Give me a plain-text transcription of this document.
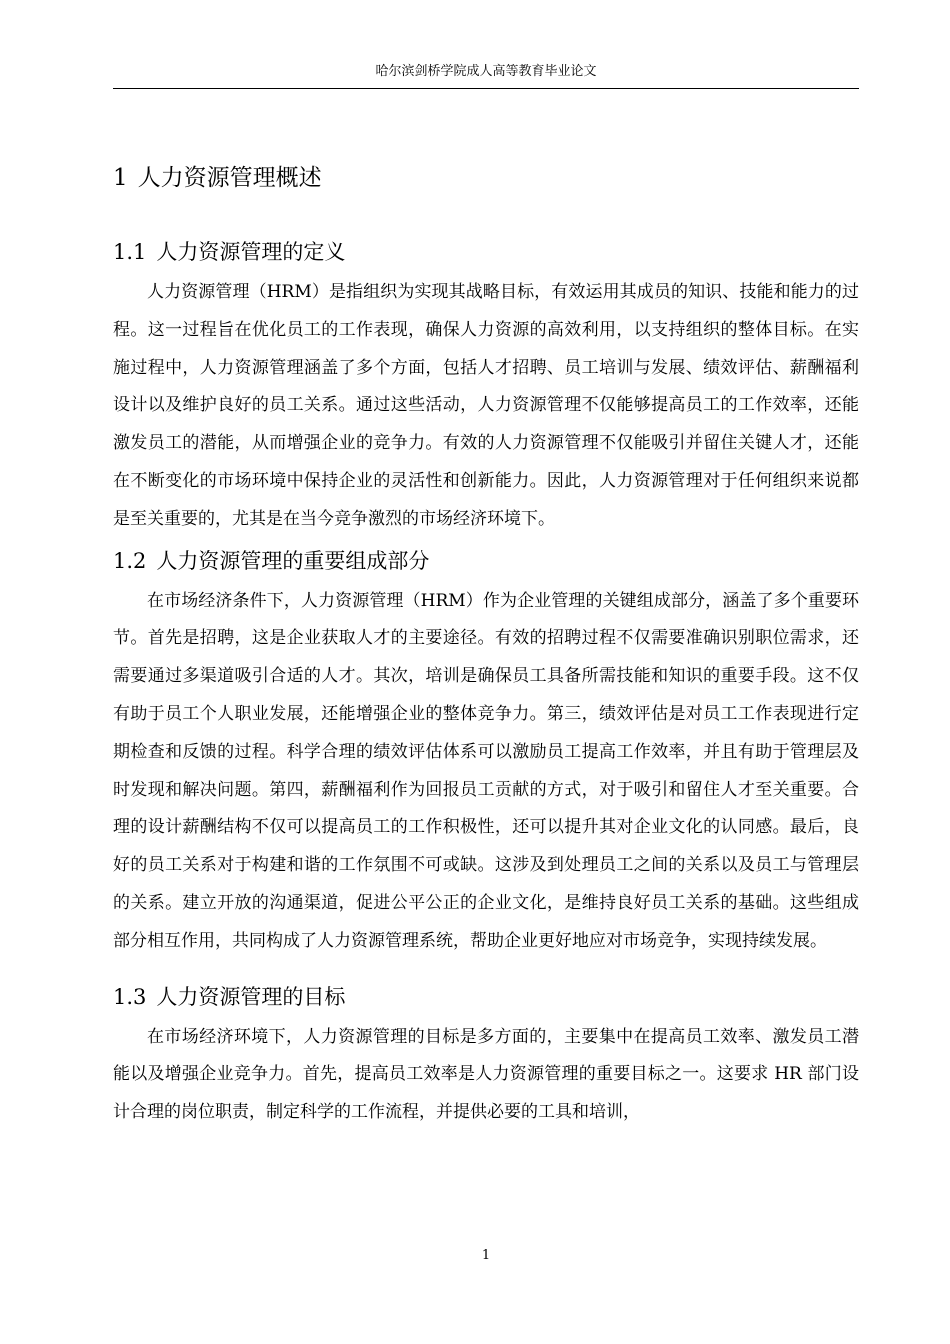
哈尔滨剑桥学院成人高等教育毕业论文
1 人力资源管理概述
1.1 人力资源管理的定义

人力资源管理（HRM）是指组织为实现其战略目标，有效运用其成员的知识、技能和能力的过程。这一过程旨在优化员工的工作表现，确保人力资源的高效利用，以支持组织的整体目标。在实施过程中，人力资源管理涵盖了多个方面，包括人才招聘、员工培训与发展、绩效评估、薪酬福利设计以及维护良好的员工关系。通过这些活动，人力资源管理不仅能够提高员工的工作效率，还能激发员工的潜能，从而增强企业的竞争力。有效的人力资源管理不仅能吸引并留住关键人才，还能在不断变化的市场环境中保持企业的灵活性和创新能力。因此，人力资源管理对于任何组织来说都是至关重要的，尤其是在当今竞争激烈的市场经济环境下。

1.2 人力资源管理的重要组成部分

在市场经济条件下，人力资源管理（HRM）作为企业管理的关键组成部分，涵盖了多个重要环节。首先是招聘，这是企业获取人才的主要途径。有效的招聘过程不仅需要准确识别职位需求，还需要通过多渠道吸引合适的人才。其次，培训是确保员工具备所需技能和知识的重要手段。这不仅有助于员工个人职业发展，还能增强企业的整体竞争力。第三，绩效评估是对员工工作表现进行定期检查和反馈的过程。科学合理的绩效评估体系可以激励员工提高工作效率，并且有助于管理层及时发现和解决问题。第四，薪酬福利作为回报员工贡献的方式，对于吸引和留住人才至关重要。合理的设计薪酬结构不仅可以提高员工的工作积极性，还可以提升其对企业文化的认同感。最后，良好的员工关系对于构建和谐的工作氛围不可或缺。这涉及到处理员工之间的关系以及员工与管理层的关系。建立开放的沟通渠道，促进公平公正的企业文化，是维持良好员工关系的基础。这些组成部分相互作用，共同构成了人力资源管理系统，帮助企业更好地应对市场竞争，实现持续发展。

1.3 人力资源管理的目标

在市场经济环境下，人力资源管理的目标是多方面的，主要集中在提高员工效率、激发员工潜能以及增强企业竞争力。首先，提高员工效率是人力资源管理的重要目标之一。这要求 HR 部门设计合理的岗位职责，制定科学的工作流程，并提供必要的工具和培训，

1
